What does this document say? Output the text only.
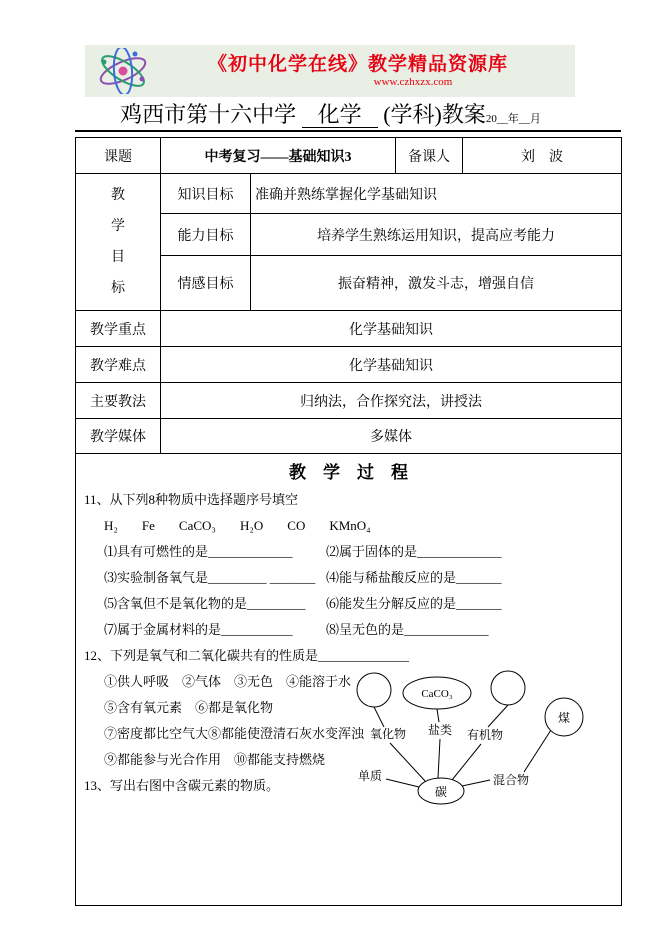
《初中化学在线》教学精品资源库
www.czhxzx.com
鸡西市第十六中学 化学 (学科)教案20__年__月
课题	中考复习——基础知识3		备课人	刘    波

教
学
目
标	知识目标	准确并熟练掌握化学基础知识		
	能力目标	培养学生熟练运用知识，提高应考能力		
	情感目标	振奋精神，激发斗志，增强自信		
教学重点	化学基础知识			
教学难点	化学基础知识			
主要教法	归纳法，合作探究法，讲授法			
教学媒体	多媒体			

教    学    过    程
11、从下列8种物质中选择题序号填空
H₂ Fe CaCO₃ H₂O CO KMnO₄
⑴具有可燃性的是_____________	⑵属于固体的是_____________
⑶实验制备氧气是_________ _______ ⑷能与稀盐酸反应的是_______
⑸含氧但不是氧化物的是_________ ⑹能发生分解反应的是_______
⑺属于金属材料的是___________	⑻呈无色的是_____________
12、下列是氧气和二氧化碳共有的性质是______________
①供人呼吸　②气体　③无色　④能溶于水
⑤含有氧元素　⑥都是氧化物
⑦密度都比空气大⑧都能使澄清石灰水变浑浊
⑨都能参与光合作用　⑩都能支持燃烧
13、写出右图中含碳元素的物质。
CaCO₃
煤
碳
氧化物 盐类 有机物
单质	混合物
